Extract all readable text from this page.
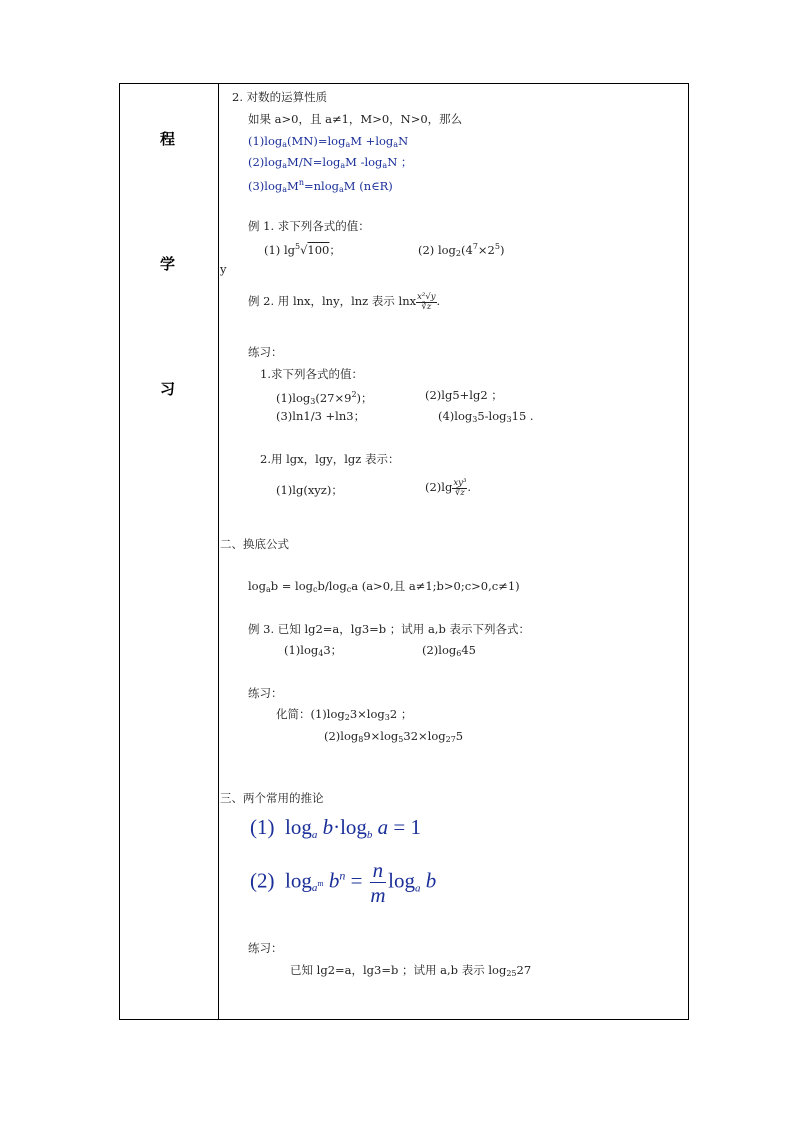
程
学
习
2. 对数的运算性质
如果 a>0，且 a≠1，M>0，N>0，那么
$(1)\log_a(MN)=\log_aM +\log_aN$
$(2)\log_aM/N=\log_aM$ $-\log_aN$ ；
$(3)\log_aM^n=nlog_aM$ (n∈R)
例 1. 求下列各式的值：
(1) $\lg^5√100$；	(2) $\log_2(4^7\times 2^5)$
y
例 2. 用 lnx，lny，lnz 表示 lnx $\frac{\text{x²√y}}{∛z}$ .
练习：
1.求下列各式的值：
$(1)\log_3(27\times 9^2)$；	(2)lg5+lg2 ；
(3)ln1/3 +ln3；	$(4)\log_35-\log_315$ .
2.用 lgx，lgy，lgz 表示：
(1)lg(xyz)；	$(2)\lg \frac{\text{xy³}}{∛z}$ .
二、换底公式
$\log_ab = \log_cb/\log_ca$ (a>0,且 a≠1;b>0;c>0,c≠1)
例 3. 已知 lg2=a，lg3=b ；试用 a,b 表示下列各式：
$(1)\log_43$；	$(2)\log_645$
练习：
化简：$(1)\log_23\times\log_32$ ；
$(2)\log_89\times\log_532\times\log_{27}5$
三、两个常用的推论
(1) $\log_a b\cdot\log_b$ a = 1
(2) $\log_{a^m} b^n = \frac{n}{m} \log_a b$
练习：
已知 lg2=a，lg3=b ；试用 a,b 表示 $\log_{25}27$
